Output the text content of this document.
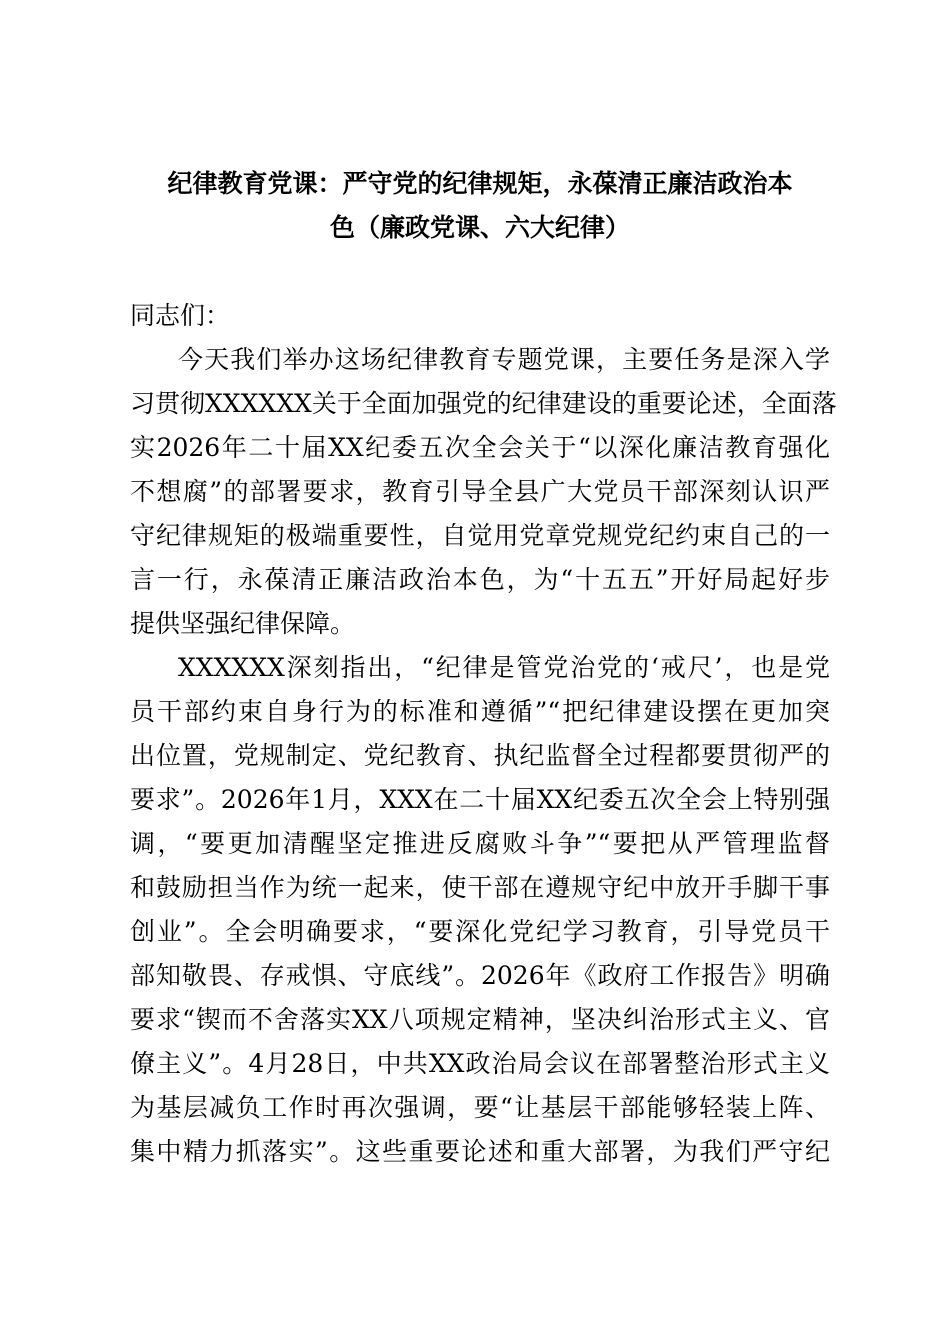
纪律教育党课：严守党的纪律规矩，永葆清正廉洁政治本
色（廉政党课、六大纪律）

同志们：

今天我们举办这场纪律教育专题党课，主要任务是深入学
习贯彻XXXXXX关于全面加强党的纪律建设的重要论述，全面落
实2026年二十届XX纪委五次全会关于“以深化廉洁教育强化
不想腐”的部署要求，教育引导全县广大党员干部深刻认识严
守纪律规矩的极端重要性，自觉用党章党规党纪约束自己的一
言一行，永葆清正廉洁政治本色，为“十五五”开好局起好步
提供坚强纪律保障。

XXXXXX深刻指出，“纪律是管党治党的‘戒尺’，也是党
员干部约束自身行为的标准和遵循”“把纪律建设摆在更加突
出位置，党规制定、党纪教育、执纪监督全过程都要贯彻严的
要求”。2026年1月，XXX在二十届XX纪委五次全会上特别强
调，“要更加清醒坚定推进反腐败斗争”“要把从严管理监督
和鼓励担当作为统一起来，使干部在遵规守纪中放开手脚干事
创业”。全会明确要求，“要深化党纪学习教育，引导党员干
部知敬畏、存戒惧、守底线”。2026年《政府工作报告》明确
要求“锲而不舍落实XX八项规定精神，坚决纠治形式主义、官
僚主义”。4月28日，中共XX政治局会议在部署整治形式主义
为基层减负工作时再次强调，要“让基层干部能够轻装上阵、
集中精力抓落实”。这些重要论述和重大部署，为我们严守纪
